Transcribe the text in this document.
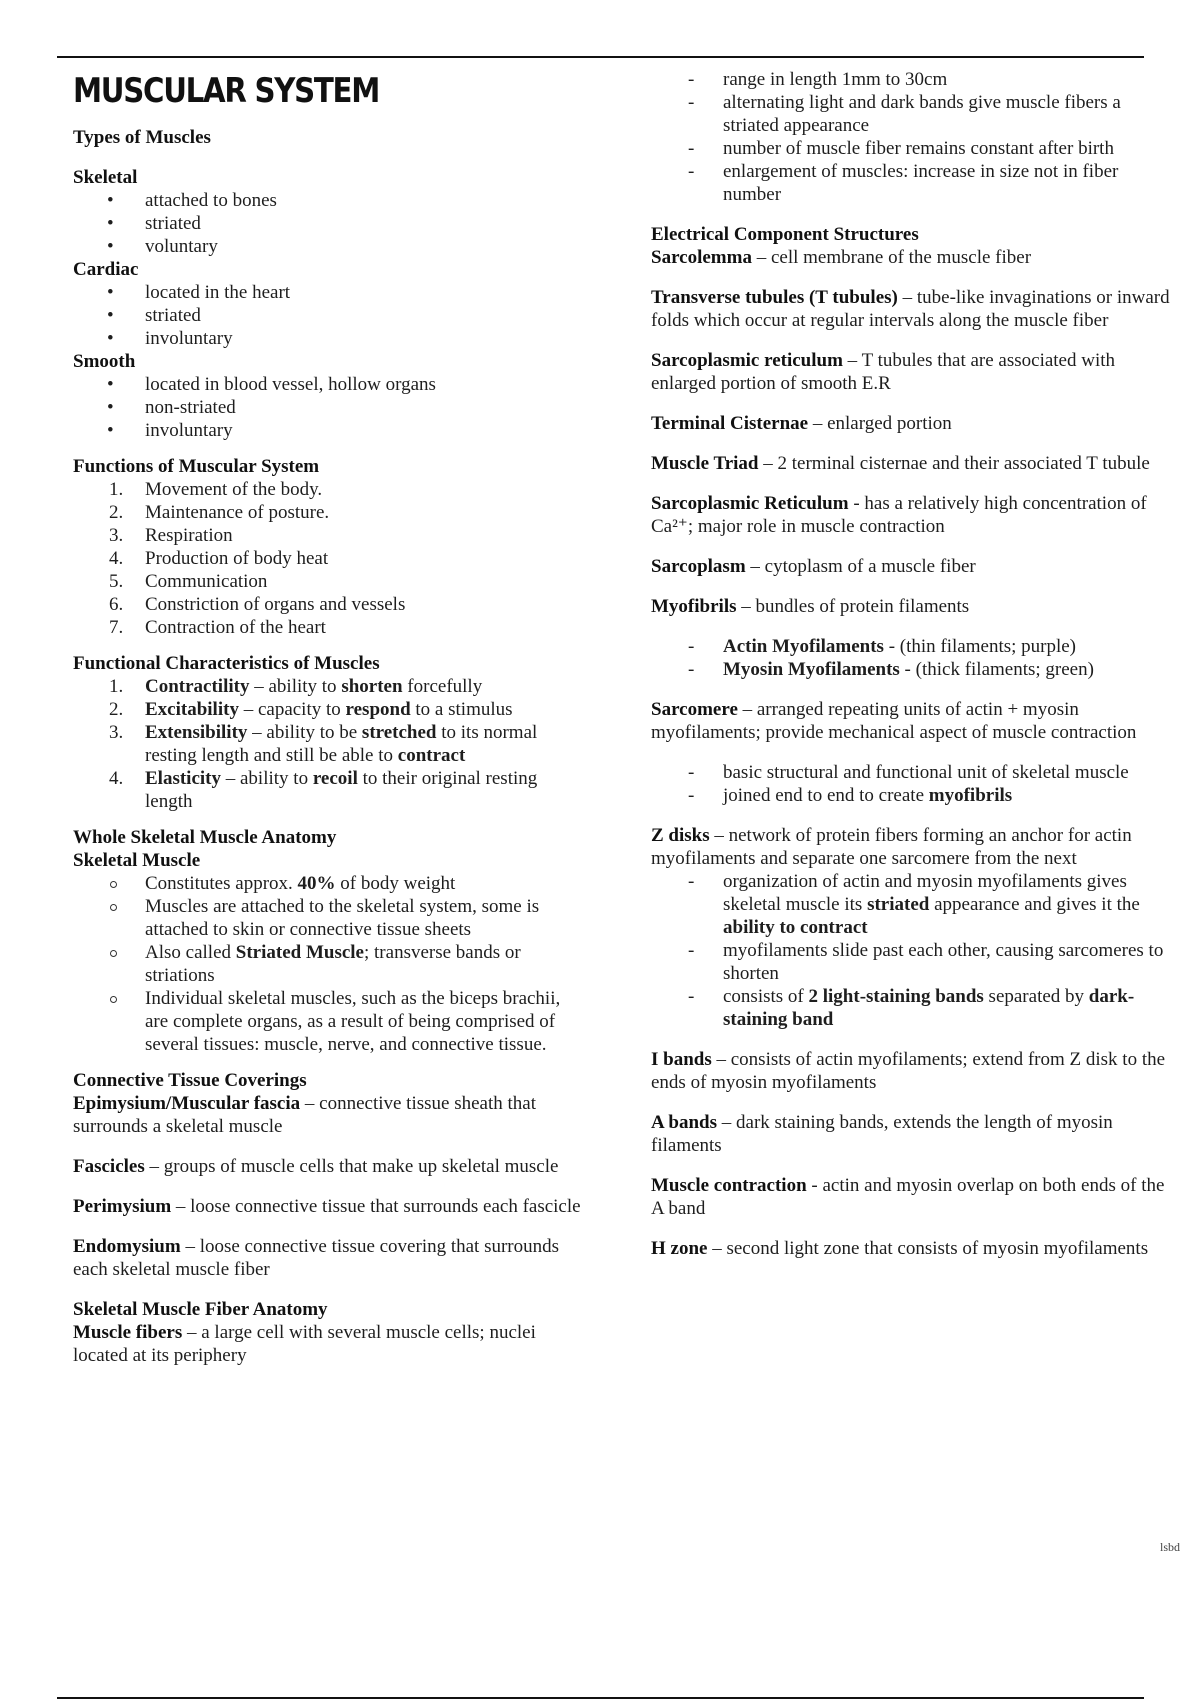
MUSCULAR SYSTEM

Types of Muscles

Skeletal

• attached to bones
• striated
• voluntary

Cardiac

• located in the heart
• striated
• involuntary

Smooth

• located in blood vessel, hollow organs
• non-striated
• involuntary

Functions of Muscular System

1. Movement of the body.
2. Maintenance of posture.
3. Respiration
4. Production of body heat
5. Communication
6. Constriction of organs and vessels
7. Contraction of the heart

Functional Characteristics of Muscles

1. Contractility – ability to shorten forcefully
2. Excitability – capacity to respond to a stimulus
3. Extensibility – ability to be stretched to its normal resting length and still be able to contract
4. Elasticity – ability to recoil to their original resting length

Whole Skeletal Muscle Anatomy

Skeletal Muscle

Constitutes approx. 40% of body weight
Muscles are attached to the skeletal system, some is attached to skin or connective tissue sheets
Also called Striated Muscle; transverse bands or striations
Individual skeletal muscles, such as the biceps brachii, are complete organs, as a result of being comprised of several tissues: muscle, nerve, and connective tissue.

Connective Tissue Coverings

Epimysium/Muscular fascia – connective tissue sheath that surrounds a skeletal muscle

Fascicles – groups of muscle cells that make up skeletal muscle

Perimysium – loose connective tissue that surrounds each fascicle

Endomysium – loose connective tissue covering that surrounds each skeletal muscle fiber

Skeletal Muscle Fiber Anatomy

Muscle fibers – a large cell with several muscle cells; nuclei located at its periphery

- range in length 1mm to 30cm
- alternating light and dark bands give muscle fibers a striated appearance
- number of muscle fiber remains constant after birth
- enlargement of muscles: increase in size not in fiber number

Electrical Component Structures

Sarcolemma – cell membrane of the muscle fiber

Transverse tubules (T tubules) – tube-like invaginations or inward folds which occur at regular intervals along the muscle fiber

Sarcoplasmic reticulum – T tubules that are associated with enlarged portion of smooth E.R

Terminal Cisternae – enlarged portion

Muscle Triad – 2 terminal cisternae and their associated T tubule

Sarcoplasmic Reticulum - has a relatively high concentration of Ca²⁺; major role in muscle contraction

Sarcoplasm – cytoplasm of a muscle fiber

Myofibrils – bundles of protein filaments

- Actin Myofilaments - (thin filaments; purple)
- Myosin Myofilaments - (thick filaments; green)

Sarcomere – arranged repeating units of actin + myosin myofilaments; provide mechanical aspect of muscle contraction

- basic structural and functional unit of skeletal muscle
- joined end to end to create myofibrils

Z disks – network of protein fibers forming an anchor for actin myofilaments and separate one sarcomere from the next

- organization of actin and myosin myofilaments gives skeletal muscle its striated appearance and gives it the ability to contract
- myofilaments slide past each other, causing sarcomeres to shorten
- consists of 2 light-staining bands separated by dark-staining band

I bands – consists of actin myofilaments; extend from Z disk to the ends of myosin myofilaments

A bands – dark staining bands, extends the length of myosin filaments

Muscle contraction - actin and myosin overlap on both ends of the A band

H zone – second light zone that consists of myosin myofilaments

lsbd
